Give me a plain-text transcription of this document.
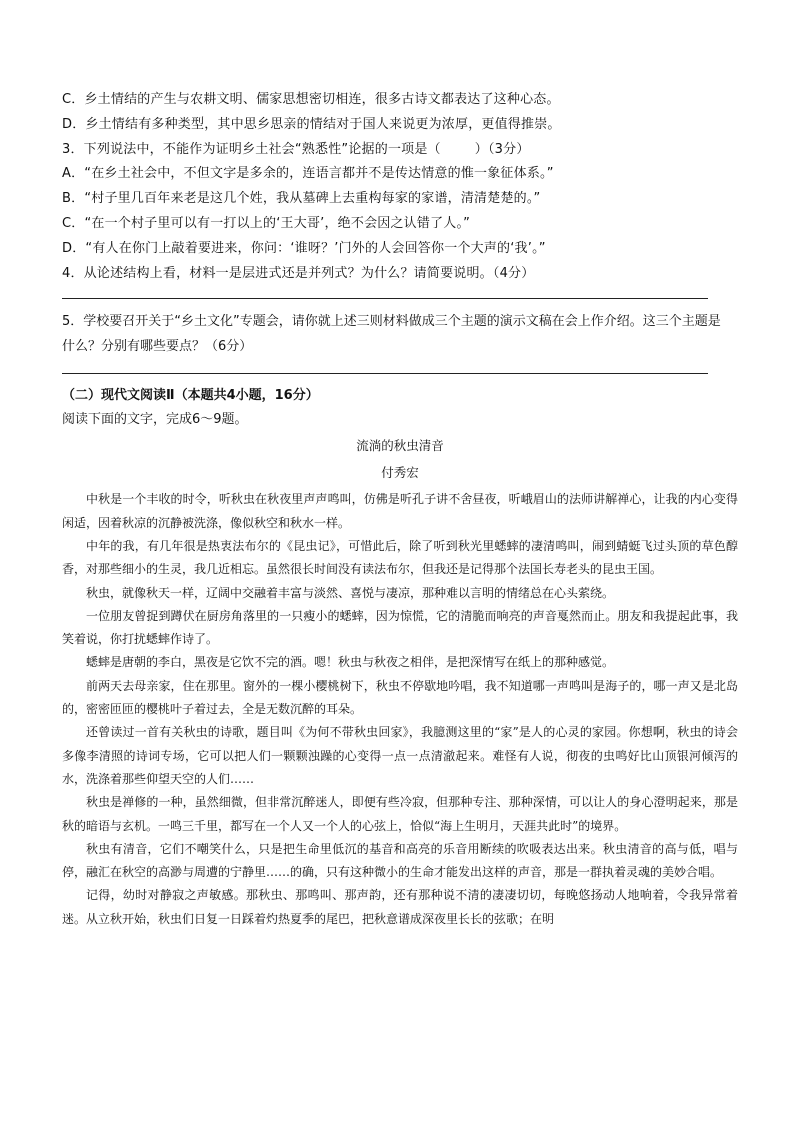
C．乡土情结的产生与农耕文明、儒家思想密切相连，很多古诗文都表达了这种心态。
D．乡土情结有多种类型，其中思乡思亲的情结对于国人来说更为浓厚，更值得推崇。
3．下列说法中，不能作为证明乡土社会“熟悉性”论据的一项是（	）（3分）
A．“在乡土社会中，不但文字是多余的，连语言都并不是传达情意的惟一象征体系。”
B．“村子里几百年来老是这几个姓，我从墓碑上去重构每家的家谱，清清楚楚的。”
C．“在一个村子里可以有一打以上的‘王大哥’，绝不会因之认错了人。”
D．“有人在你门上敲着要进来，你问：‘谁呀？’门外的人会回答你一个大声的‘我’。”
4．从论述结构上看，材料一是层进式还是并列式？为什么？请简要说明。（4分）
5．学校要召开关于“乡土文化”专题会，请你就上述三则材料做成三个主题的演示文稿在会上作介绍。这三个主题是什么？分别有哪些要点？（6分）
（二）现代文阅读Ⅱ（本题共4小题，16分）
阅读下面的文字，完成6～9题。
流淌的秋虫清音
付秀宏

中秋是一个丰收的时令，听秋虫在秋夜里声声鸣叫，仿佛是听孔子讲不舍昼夜，听峨眉山的法师讲解禅心，让我的内心变得闲适，因着秋凉的沉静被洗涤，像似秋空和秋水一样。

中年的我，有几年很是热衷法布尔的《昆虫记》，可惜此后，除了听到秋光里蟋蟀的凄清鸣叫，闹到蜻蜓飞过头顶的草色醇香，对那些细小的生灵，我几近相忘。虽然很长时间没有读法布尔，但我还是记得那个法国长寿老头的昆虫王国。

秋虫，就像秋天一样，辽阔中交融着丰富与淡然、喜悦与凄凉，那种难以言明的情绪总在心头萦绕。

一位朋友曾捉到蹲伏在厨房角落里的一只瘦小的蟋蟀，因为惊慌，它的清脆而响亮的声音戛然而止。朋友和我提起此事，我笑着说，你打扰蟋蟀作诗了。

蟋蟀是唐朝的李白，黑夜是它饮不完的酒。嗯！秋虫与秋夜之相伴，是把深情写在纸上的那种感觉。

前两天去母亲家，住在那里。窗外的一棵小樱桃树下，秋虫不停歇地吟唱，我不知道哪一声鸣叫是海子的，哪一声又是北岛的，密密匝匝的樱桃叶子着过去，全是无数沉醉的耳朵。

还曾读过一首有关秋虫的诗歌，题目叫《为何不带秋虫回家》，我臆测这里的“家”是人的心灵的家园。你想啊，秋虫的诗会多像李清照的诗词专场，它可以把人们一颗颗浊躁的心变得一点一点清澈起来。难怪有人说，彻夜的虫鸣好比山顶银河倾泻的水，洗涤着那些仰望天空的人们……

秋虫是禅修的一种，虽然细微，但非常沉醉迷人，即便有些冷寂，但那种专注、那种深情，可以让人的身心澄明起来，那是秋的暗语与玄机。一鸣三千里，都写在一个人又一个人的心弦上，恰似“海上生明月，天涯共此时”的境界。

秋虫有清音，它们不嘲笑什么，只是把生命里低沉的基音和高亮的乐音用断续的吹吸表达出来。秋虫清音的高与低，唱与停，融汇在秋空的高渺与周遭的宁静里……的确，只有这种微小的生命才能发出这样的声音，那是一群执着灵魂的美妙合唱。

记得，幼时对静寂之声敏感。那秋虫、那鸣叫、那声韵，还有那种说不清的凄凄切切，每晚悠扬动人地响着，令我异常着迷。从立秋开始，秋虫们日复一日踩着灼热夏季的尾巴，把秋意谱成深夜里长长的弦歌；在明
